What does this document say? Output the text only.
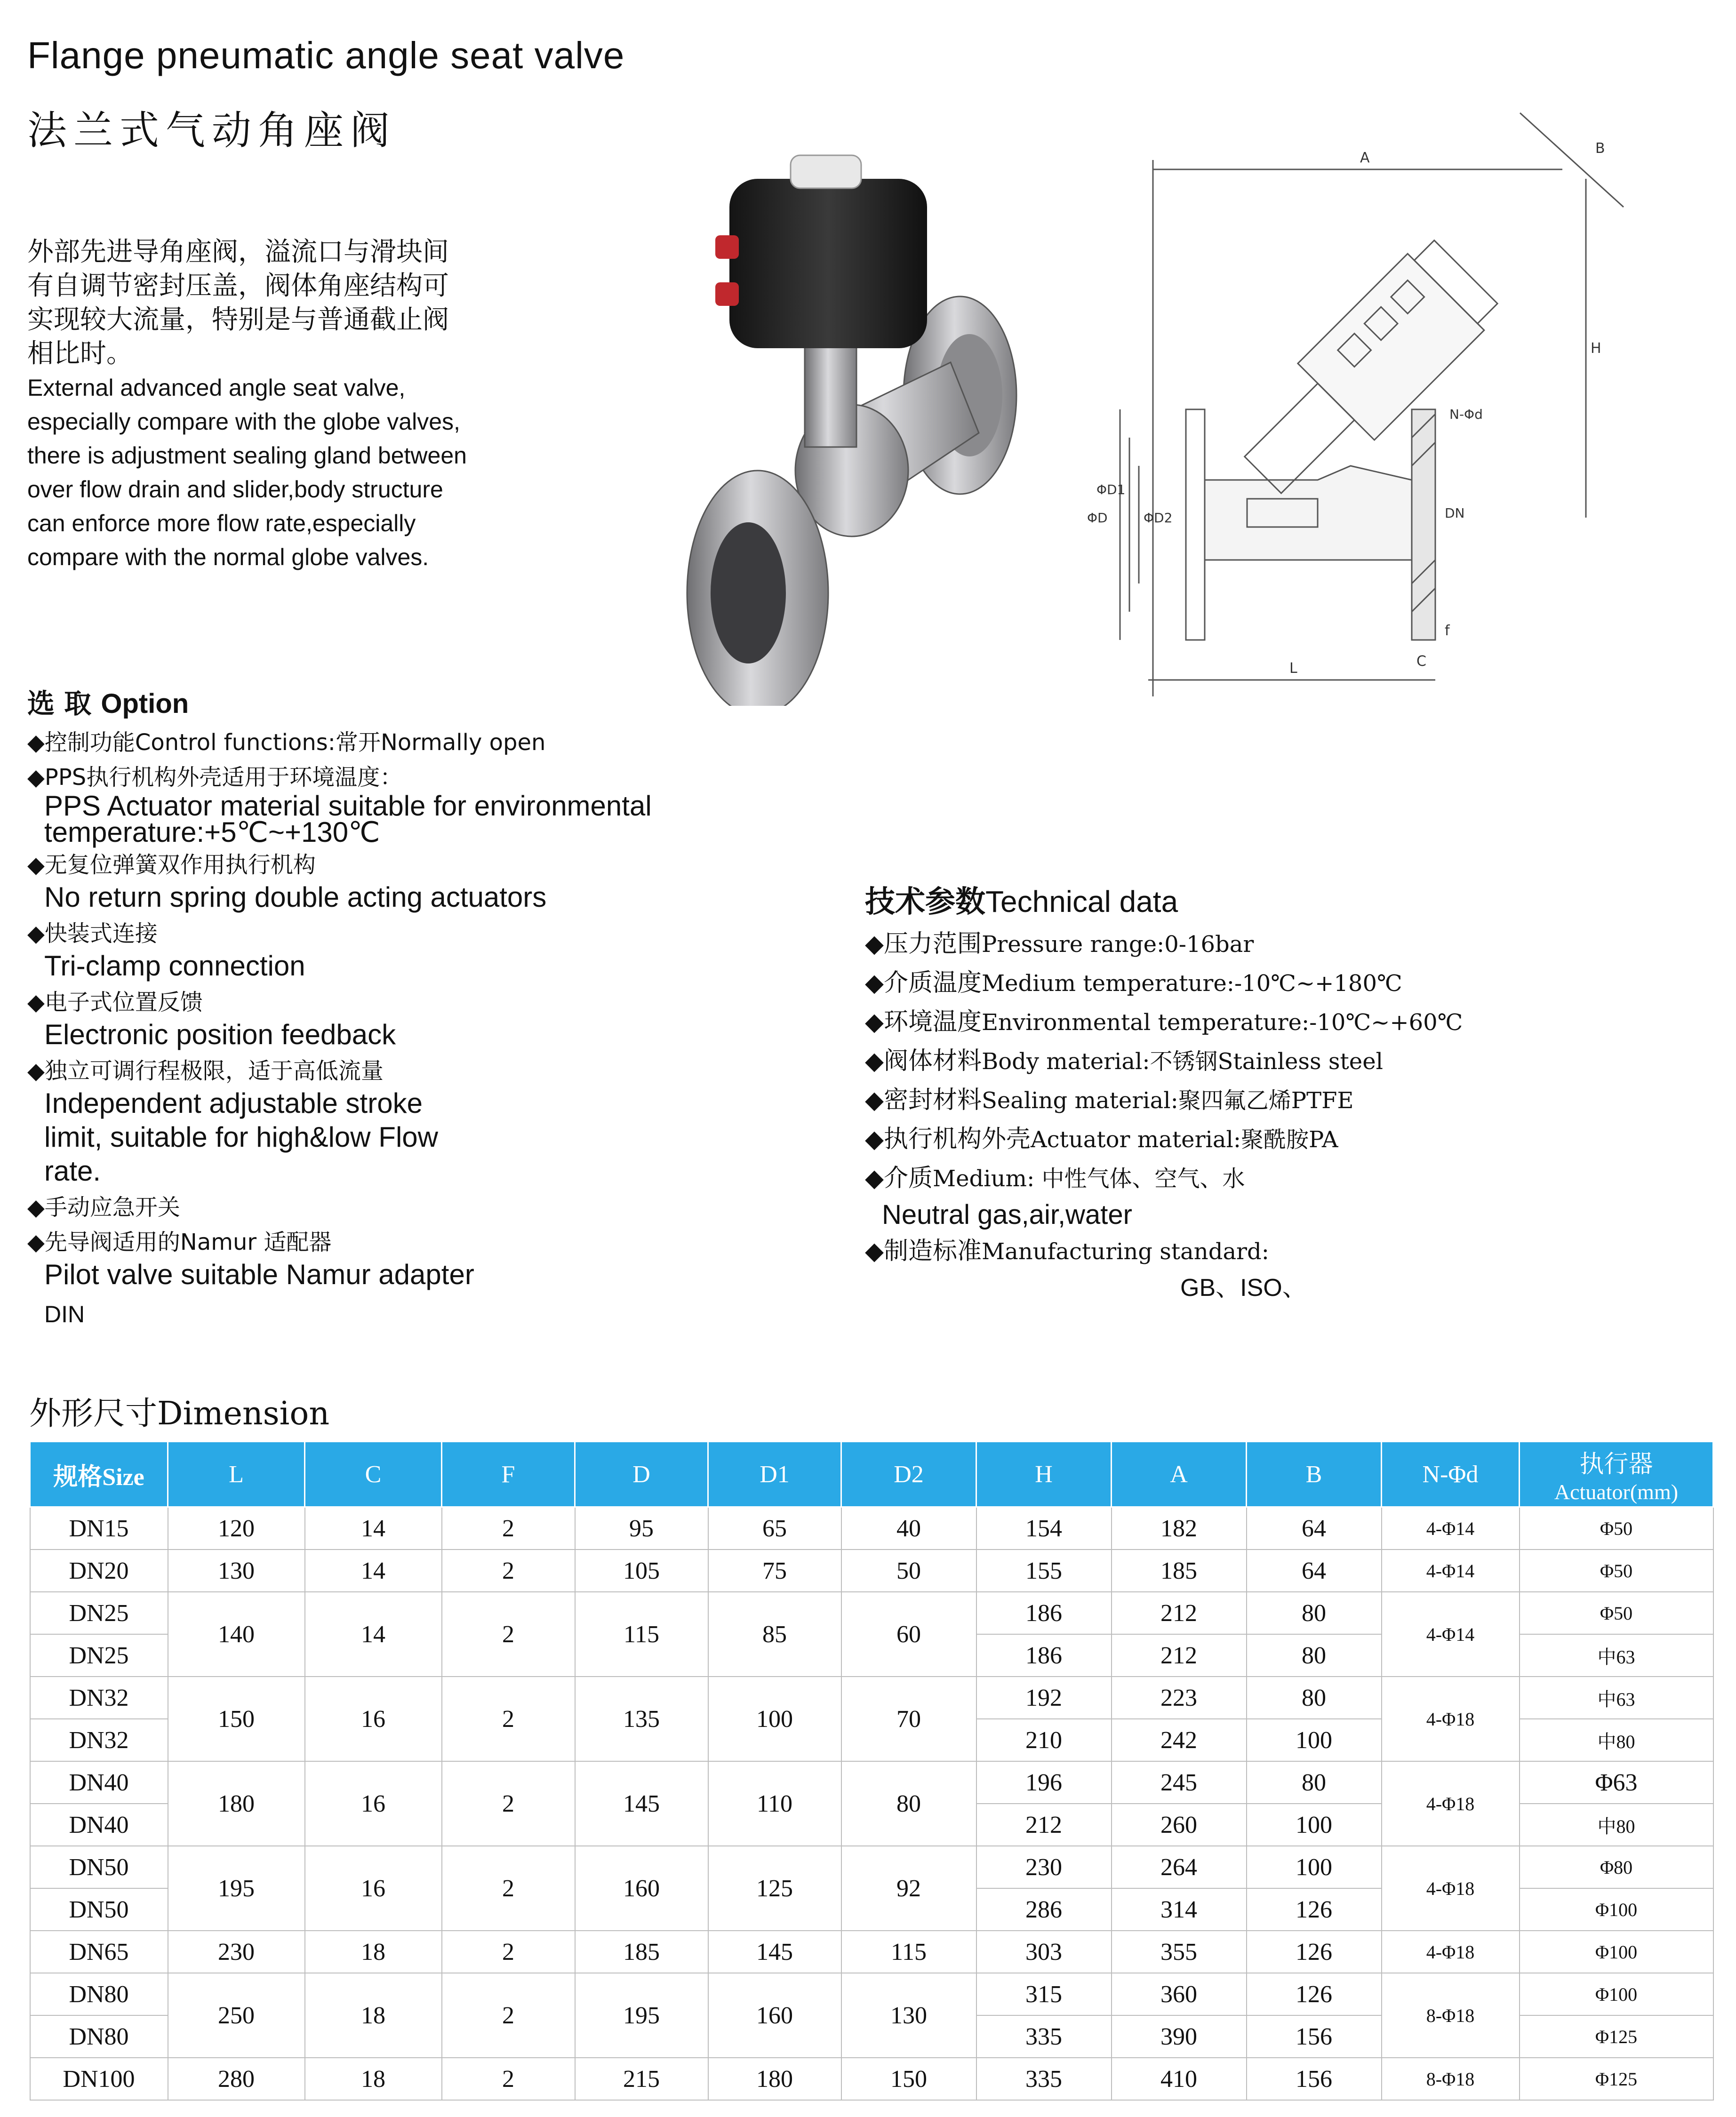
Flange pneumatic angle seat valve
法兰式气动角座阀
外部先进导角座阀，溢流口与滑块间
有自调节密封压盖，阀体角座结构可
实现较大流量，特别是与普通截止阀
相比时。
External advanced angle seat valve,
especially compare with the globe valves,
there is adjustment sealing gland between
over flow drain and slider,body structure
can enforce more flow rate,especially
compare with the normal globe valves.
A
B
H
L	C
f
ΦD
ΦD1
ΦD2	DN
N-Φd
选 取 Option
◆控制功能Control functions:常开Normally open
◆PPS执行机构外壳适用于环境温度：
PPS Actuator material suitable for environmental
temperature:+5℃~+130℃
◆无复位弹簧双作用执行机构
No return spring double acting actuators
◆快装式连接
Tri-clamp connection
◆电子式位置反馈
Electronic position feedback
◆独立可调行程极限，适于高低流量
Independent adjustable stroke
limit, suitable for high&low Flow
rate.
◆手动应急开关
◆先导阀适用的Namur 适配器
Pilot valve suitable Namur adapter
DIN
技术参数Technical data
◆压力范围Pressure range:0-16bar
◆介质温度Medium temperature:-10℃~+180℃
◆环境温度Environmental temperature:-10℃~+60℃
◆阀体材料Body material:不锈钢Stainless steel
◆密封材料Sealing material:聚四氟乙烯PTFE
◆执行机构外壳Actuator material:聚酰胺PA
◆介质Medium: 中性气体、空气、水
Neutral gas,air,water
◆制造标准Manufacturing standard:
GB、ISO、
外形尺寸Dimension
规格Size	L	C	F	D	D1	D2	H	A	B	N-Φd	执行器
Actuator(mm)

DN15	120	14	2	95	65	40	154	182	64	4-Φ14	Φ50
DN20	130	14	2	105	75	50	155	185	64	4-Φ14	Φ50
DN25	140	14	2	115	85	60	186	212	80	4-Φ14	Φ50
DN25							186	212	80		中63
DN32	150	16	2	135	100	70	192	223	80	4-Φ18	中63
DN32							210	242	100		中80
DN40	180	16	2	145	110	80	196	245	80	4-Φ18	Φ63
DN40							212	260	100		中80
DN50	195	16	2	160	125	92	230	264	100	4-Φ18	Φ80
DN50							286	314	126		Φ100
DN65	230	18	2	185	145	115	303	355	126	4-Φ18	Φ100
DN80	250	18	2	195	160	130	315	360	126	8-Φ18	Φ100
DN80							335	390	156		Φ125
DN100	280	18	2	215	180	150	335	410	156	8-Φ18	Φ125
